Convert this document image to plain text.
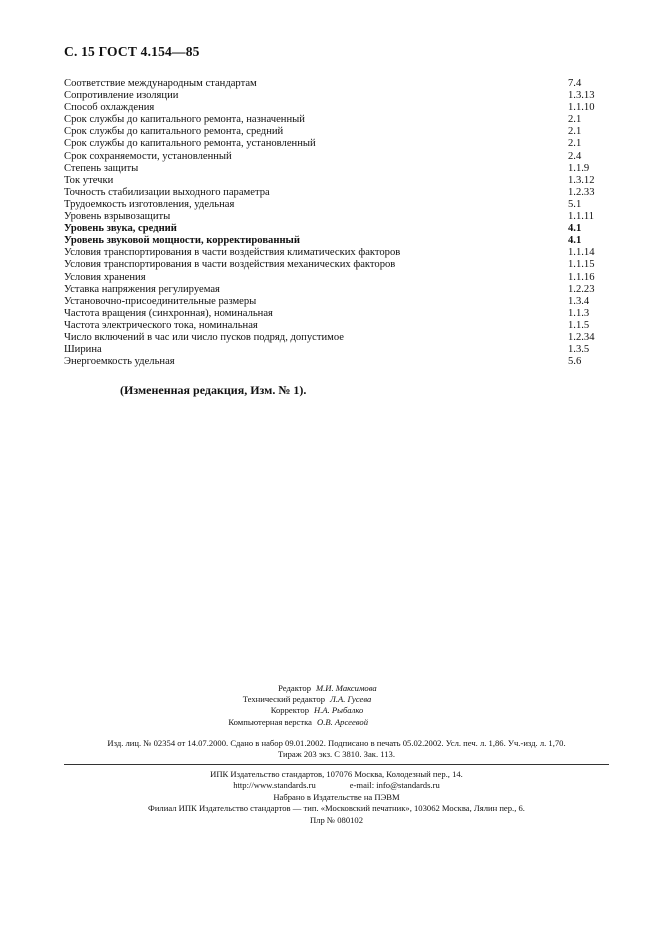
С. 15 ГОСТ 4.154—85
Соответствие международным стандартам	7.4
Сопротивление изоляции	1.3.13
Способ охлаждения	1.1.10
Срок службы до капитального ремонта, назначенный	2.1
Срок службы до капитального ремонта, средний	2.1
Срок службы до капитального ремонта, установленный	2.1
Срок сохраняемости, установленный	2.4
Степень защиты	1.1.9
Ток утечки	1.3.12
Точность стабилизации выходного параметра	1.2.33
Трудоемкость изготовления, удельная	5.1
Уровень взрывозащиты	1.1.11
Уровень звука, средний	4.1
Уровень звуковой мощности, корректированный	4.1
Условия транспортирования в части воздействия климатических факторов	1.1.14
Условия транспортирования в части воздействия механических факторов	1.1.15
Условия хранения	1.1.16
Уставка напряжения регулируемая	1.2.23
Установочно-присоединительные размеры	1.3.4
Частота вращения (синхронная), номинальная	1.1.3
Частота электрического тока, номинальная	1.1.5
Число включений в час или число пусков подряд, допустимое	1.2.34
Ширина	1.3.5
Энергоемкость удельная	5.6
(Измененная редакция, Изм. № 1).
Редактор М.И. Максимова
Технический редактор Л.А. Гусева
Корректор Н.А. Рыбалко
Компьютерная верстка О.В. Арсеевой
Изд. лиц. № 02354 от 14.07.2000. Сдано в набор 09.01.2002. Подписано в печать 05.02.2002. Усл. печ. л. 1,86. Уч.-изд. л. 1,70.
Тираж 203 экз. С 3810. Зак. 113.
ИПК Издательство стандартов, 107076 Москва, Колодезный пер., 14.
http://www.standards.ru	e-mail: info@standards.ru
Набрано в Издательстве на ПЭВМ
Филиал ИПК Издательство стандартов — тип. «Московский печатник», 103062 Москва, Лялин пер., 6.
Плр № 080102
